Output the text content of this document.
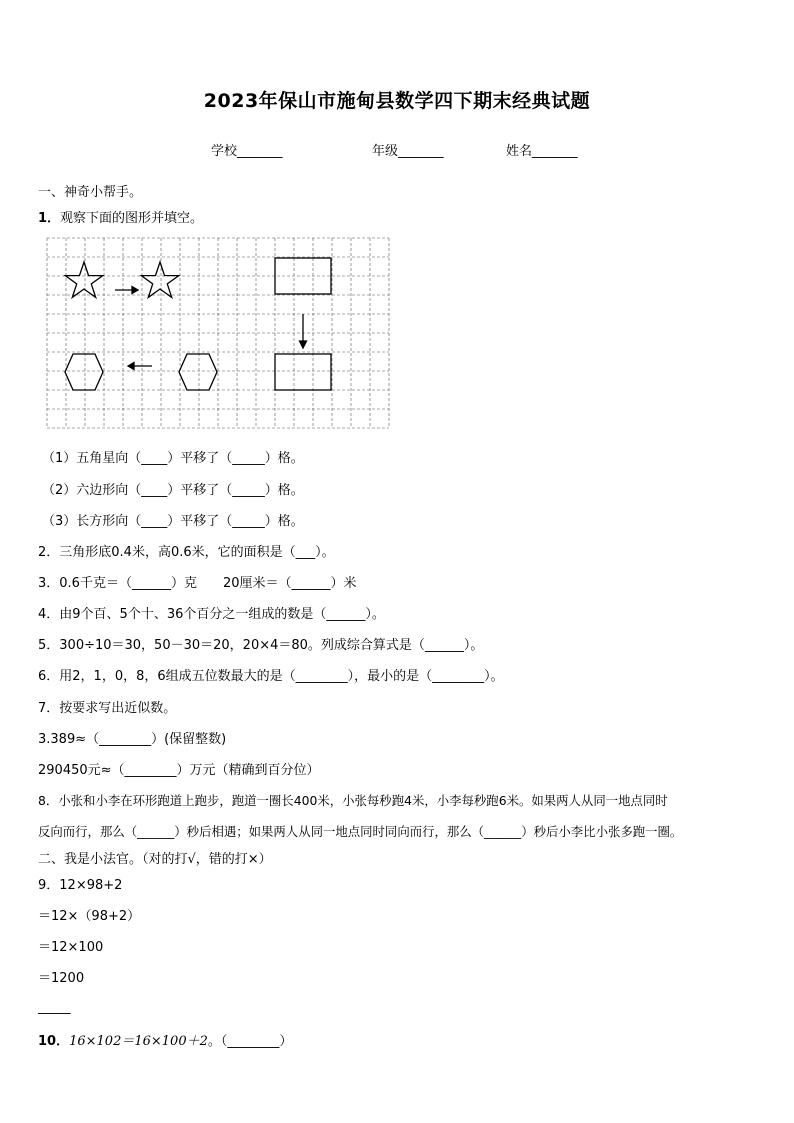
2023年保山市施甸县数学四下期末经典试题
学校_______	年级_______	姓名_______
一、神奇小帮手。
1．观察下面的图形并填空。
（1）五角星向（____）平移了（_____）格。
（2）六边形向（____）平移了（_____）格。
（3）长方形向（____）平移了（_____）格。
2．三角形底0.4米，高0.6米，它的面积是（___）。
3．0.6千克＝（______）克　　20厘米＝（______）米
4．由9个百、5个十、36个百分之一组成的数是（______）。
5．300÷10＝30，50－30＝20，20×4＝80。列成综合算式是（______）。
6．用2，1，0，8，6组成五位数最大的是（________），最小的是（________）。
7．按要求写出近似数。
3.389≈（________）(保留整数)
290450元≈（________）万元（精确到百分位）
8．小张和小李在环形跑道上跑步，跑道一圈长400米，小张每秒跑4米，小李每秒跑6米。如果两人从同一地点同时
反向而行，那么（______）秒后相遇；如果两人从同一地点同时同向而行，那么（______）秒后小李比小张多跑一圈。
二、我是小法官。（对的打√，错的打×）
9．12×98+2
＝12×（98+2）
＝12×100
＝1200
_____
10．16×102＝16×100＋2。（________）
